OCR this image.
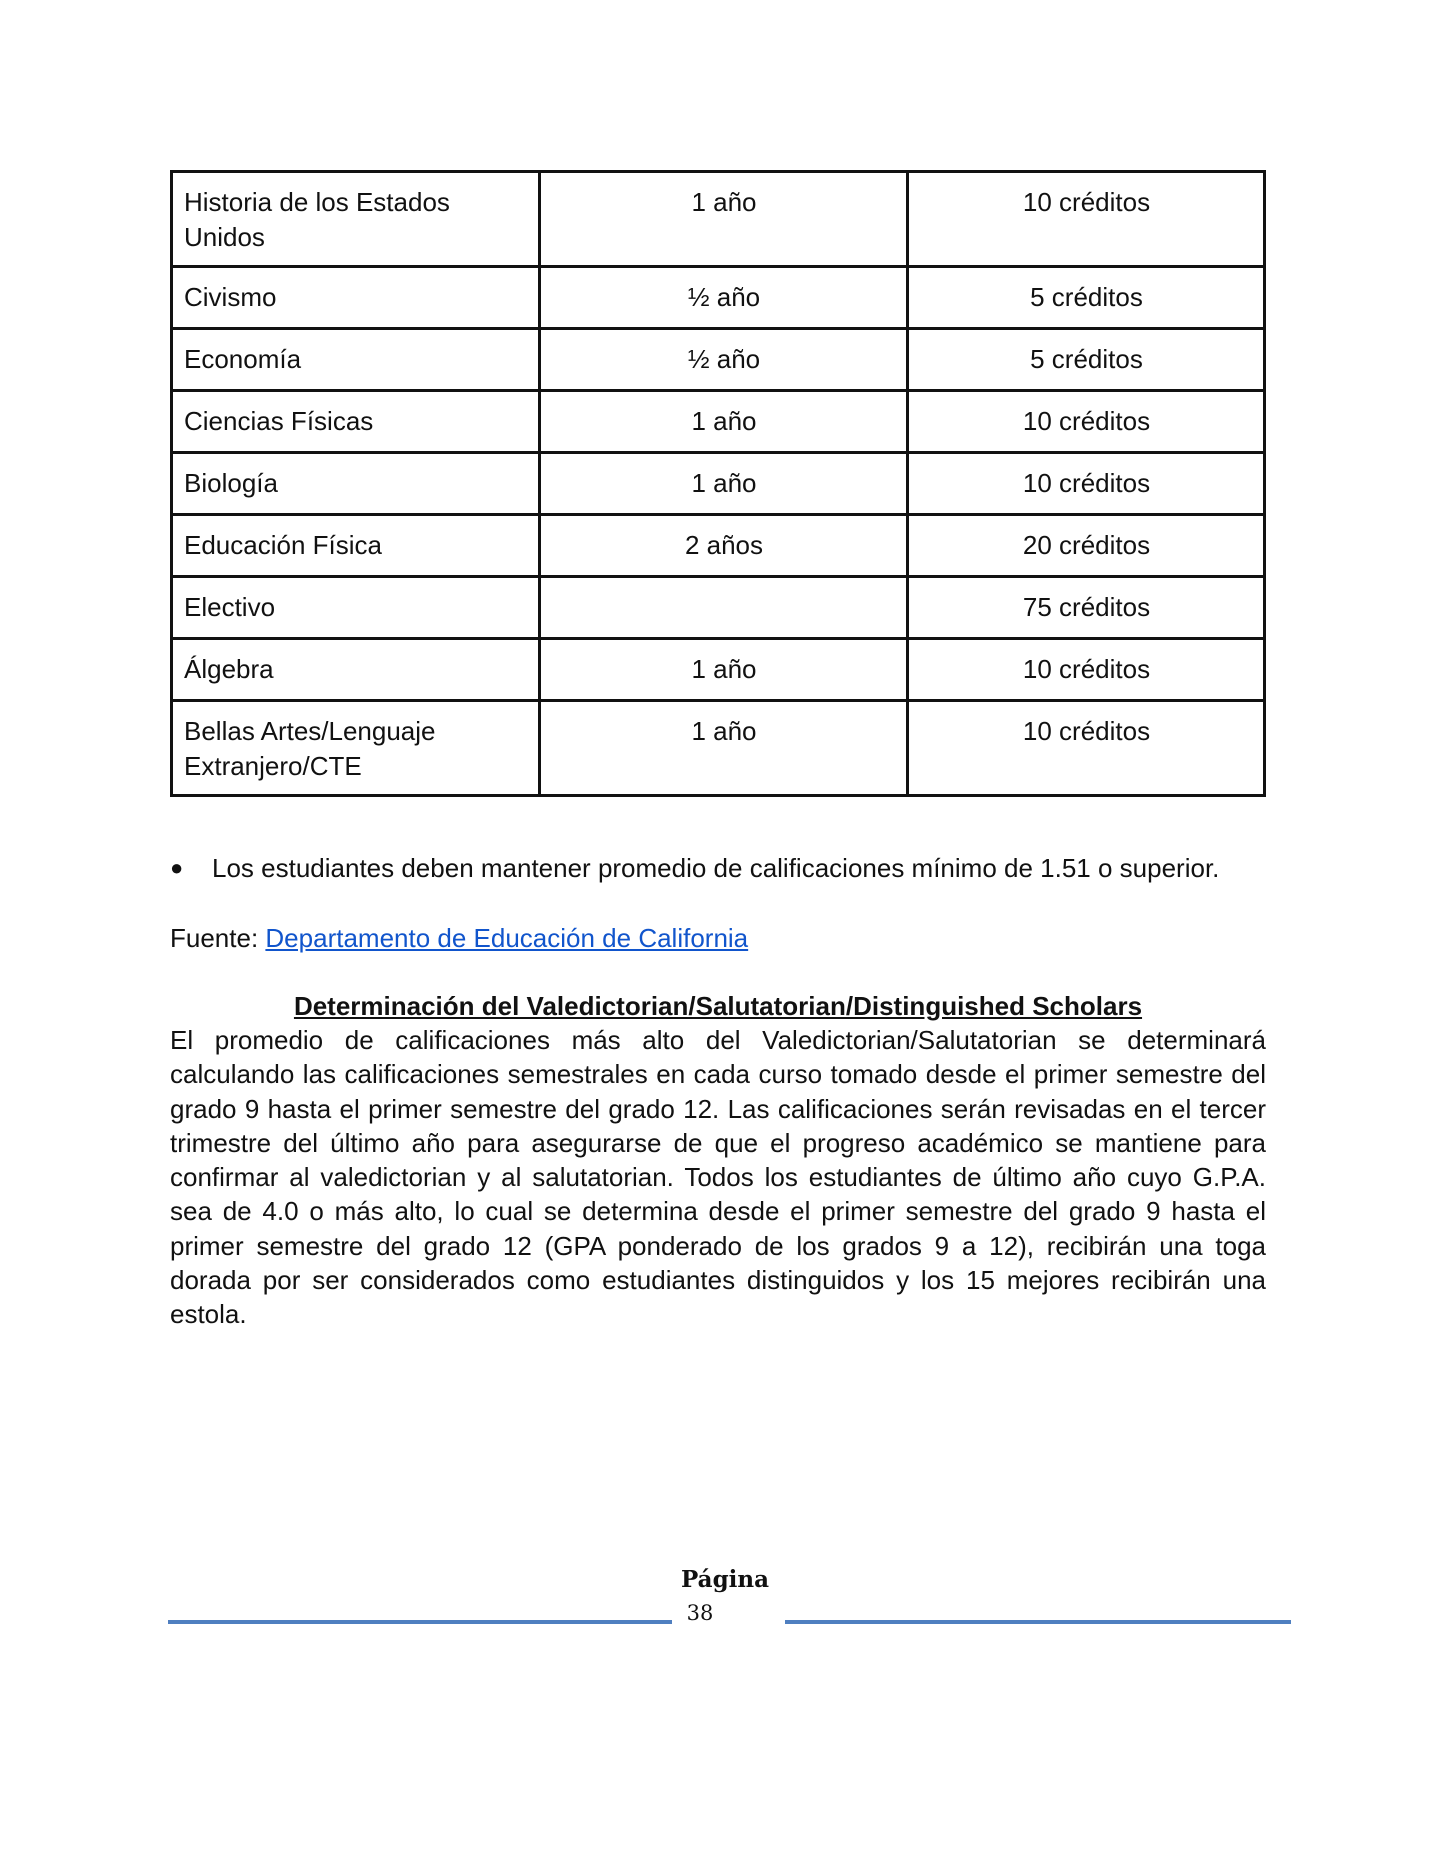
Historia de los Estados Unidos	1 año	10 créditos
Civismo	½ año	5 créditos
Economía	½ año	5 créditos
Ciencias Físicas	1 año	10 créditos
Biología	1 año	10 créditos
Educación Física	2 años	20 créditos
Electivo		75 créditos
Álgebra	1 año	10 créditos
Bellas Artes/Lenguaje Extranjero/CTE	1 año	10 créditos
●	Los estudiantes deben mantener promedio de calificaciones mínimo de 1.51 o superior.
Fuente: Departamento de Educación de California
Determinación del Valedictorian/Salutatorian/Distinguished Scholars
El promedio de calificaciones más alto del Valedictorian/Salutatorian se determinará calculando las calificaciones semestrales en cada curso tomado desde el primer semestre del grado 9 hasta el primer semestre del grado 12. Las calificaciones serán revisadas en el tercer trimestre del último año para asegurarse de que el progreso académico se mantiene para confirmar al valedictorian y al salutatorian. Todos los estudiantes de último año cuyo G.P.A. sea de 4.0 o más alto, lo cual se determina desde el primer semestre del grado 9 hasta el primer semestre del grado 12 (GPA ponderado de los grados 9 a 12), recibirán una toga dorada por ser considerados como estudiantes distinguidos y los 15 mejores recibirán una estola.
Página
38
